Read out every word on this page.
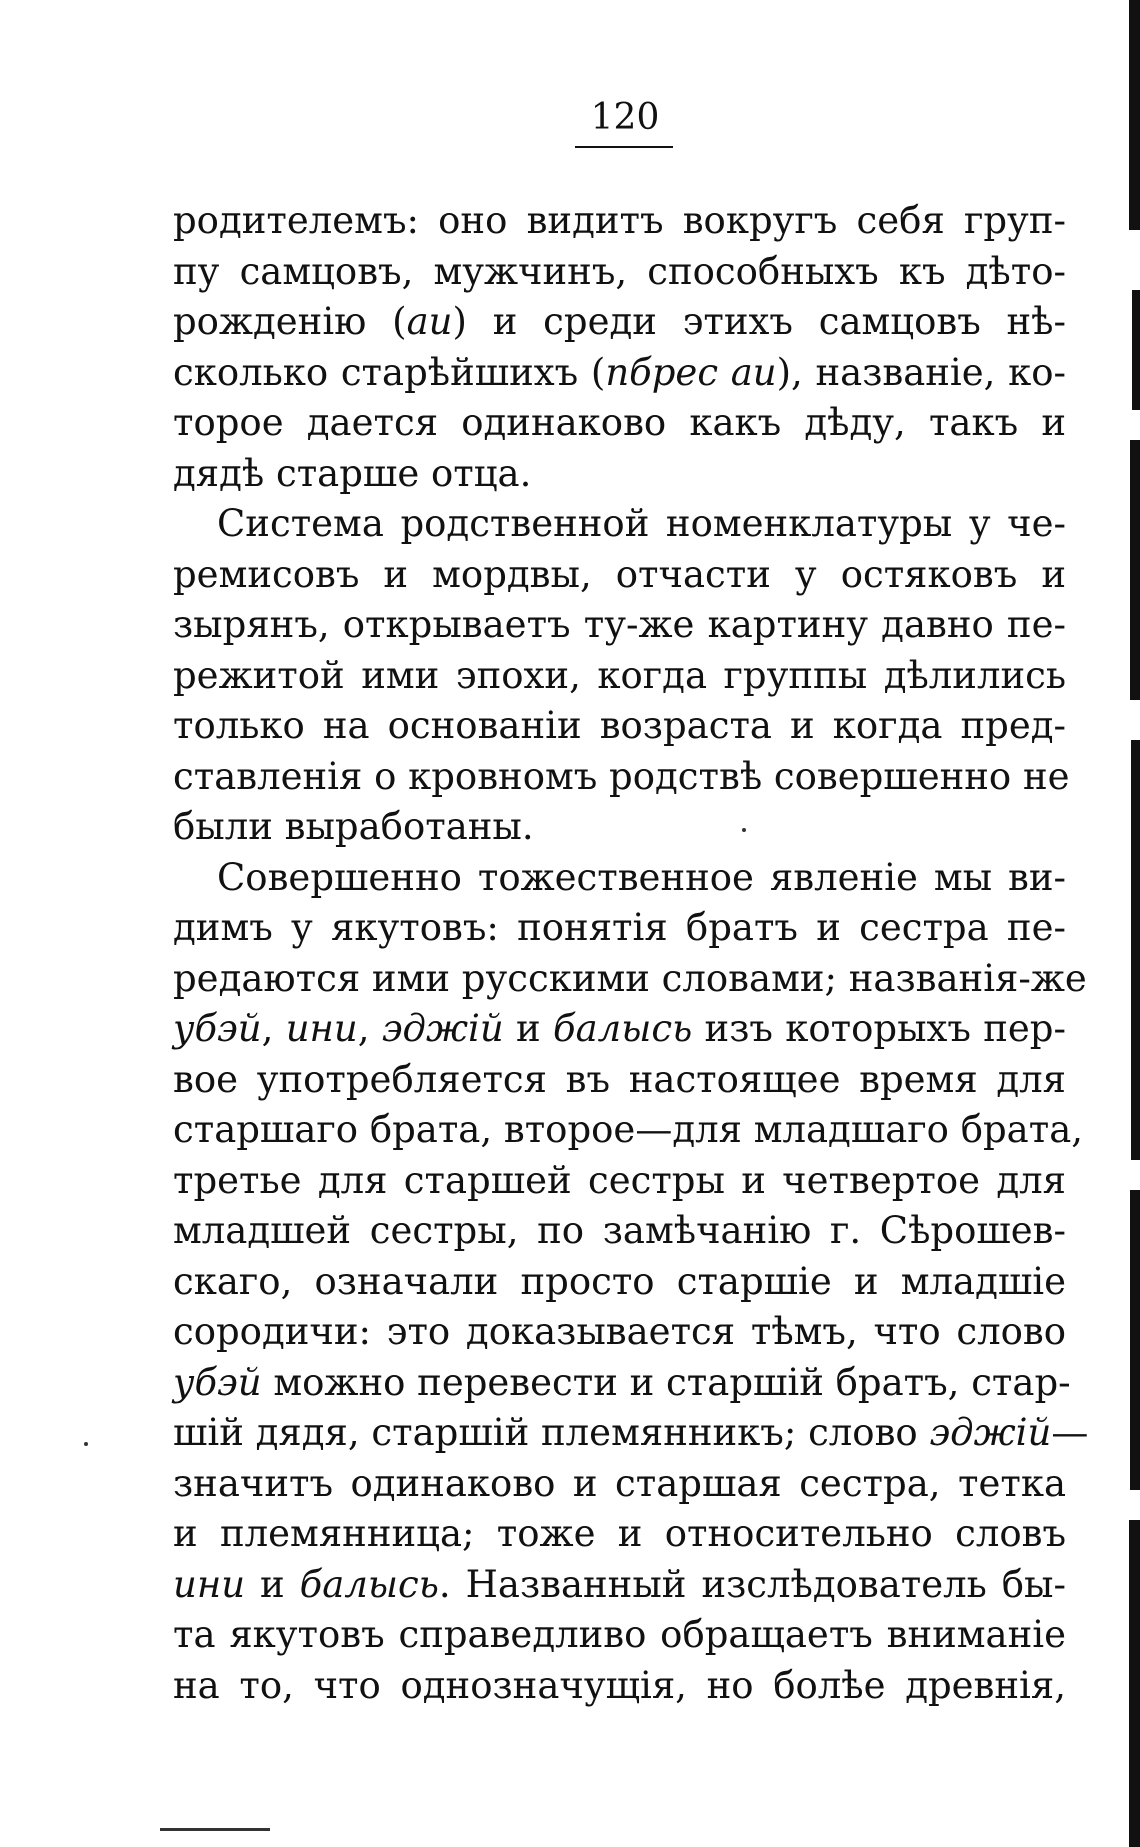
120
родителемъ: оно видитъ вокругъ себя груп-
пу самцовъ, мужчинъ, способныхъ къ дѣто-
рожденію (аи) и среди этихъ самцовъ нѣ-
сколько старѣйшихъ (пбрес аи), названіе, ко-
торое дается одинаково какъ дѣду, такъ и
дядѣ старше отца.
Система родственной номенклатуры у че-
ремисовъ и мордвы, отчасти у остяковъ и
зырянъ, открываетъ ту-же картину давно пе-
режитой ими эпохи, когда группы дѣлились
только на основаніи возраста и когда пред-
ставленія о кровномъ родствѣ совершенно не
были выработаны.
Совершенно тожественное явленіе мы ви-
димъ у якутовъ: понятія братъ и сестра пе-
редаются ими русскими словами; названія-же
убэй, ини, эджій и балысь изъ которыхъ пер-
вое употребляется въ настоящее время для
старшаго брата, второе—для младшаго брата,
третье для старшей сестры и четвертое для
младшей сестры, по замѣчанію г. Сѣрошев-
скаго, означали просто старшіе и младшіе
сородичи: это доказывается тѣмъ, что слово
убэй можно перевести и старшій братъ, стар-
шій дядя, старшій племянникъ; слово эджій—
значитъ одинаково и старшая сестра, тетка
и племянница; тоже и относительно словъ
ини и балысь. Названный изслѣдователь бы-
та якутовъ справедливо обращаетъ вниманіе
на то, что однозначущія, но болѣе древнія,
